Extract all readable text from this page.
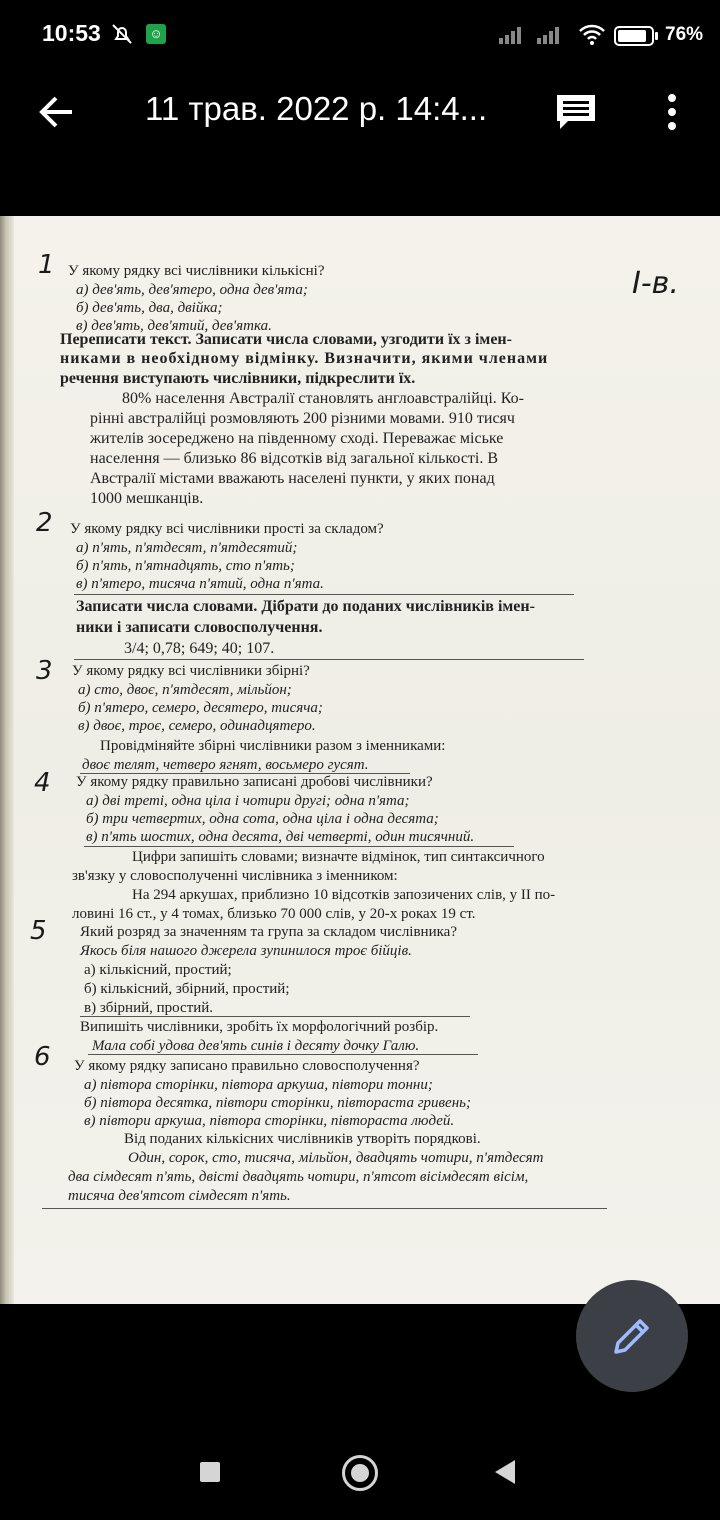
10:53	☺	76%
11 трав. 2022 р. 14:4...
I-в.
1 У якому рядку всі числівники кількісні?
а) дев'ять, дев'ятеро, одна дев'ята;
б) дев'ять, два, двійка;
в) дев'ять, дев'ятий, дев'ятка.
Переписати текст. Записати числа словами, узгодити їх з імен-
никами в необхідному відмінку. Визначити, якими членами
речення виступають числівники, підкреслити їх.
80% населення Австралії становлять англоавстралійці. Ко-
рінні австралійці розмовляють 200 різними мовами. 910 тисяч
жителів зосереджено на південному сході. Переважає міське
населення — близько 86 відсотків від загальної кількості. В
Австралії містами вважають населені пункти, у яких понад
1000 мешканців.
2 У якому рядку всі числівники прості за складом?
а) п'ять, п'ятдесят, п'ятдесятий;
б) п'ять, п'ятнадцять, сто п'ять;
в) п'ятеро, тисяча п'ятий, одна п'ята.
Записати числа словами. Дібрати до поданих числівників імен-
ники і записати словосполучення.
3/4; 0,78; 649; 40; 107.
3 У якому рядку всі числівники збірні?
а) сто, двоє, п'ятдесят, мільйон;
б) п'ятеро, семеро, десятеро, тисяча;
в) двоє, троє, семеро, одинадцятеро.
Провідміняйте збірні числівники разом з іменниками:
двоє телят, четверо ягнят, восьмеро гусят.
4 У якому рядку правильно записані дробові числівники?
а) дві треті, одна ціла і чотири другі; одна п'ята;
б) три четвертих, одна сота, одна ціла і одна десята;
в) п'ять шостих, одна десята, дві четверті, один тисячний.
Цифри запишіть словами; визначте відмінок, тип синтаксичного
зв'язку у словосполученні числівника з іменником:
На 294 аркушах, приблизно 10 відсотків запозичених слів, у II по-
ловині 16 ст., у 4 томах, близько 70 000 слів, у 20-х роках 19 ст.
5 Який розряд за значенням та група за складом числівника?
Якось біля нашого джерела зупинилося троє бійців.
а) кількісний, простий;
б) кількісний, збірний, простий;
в) збірний, простий.
Випишіть числівники, зробіть їх морфологічний розбір.
Мала собі удова дев'ять синів і десяту дочку Галю.
6 У якому рядку записано правильно словосполучення?
а) півтора сторінки, півтора аркуша, півтори тонни;
б) півтора десятка, півтори сторінки, півтораста гривень;
в) півтори аркуша, півтора сторінки, півтораста людей.
Від поданих кількісних числівників утворіть порядкові.
Один, сорок, сто, тисяча, мільйон, двадцять чотири, п'ятдесят
два сімдесят п'ять, двісті двадцять чотири, п'ятсот вісімдесят вісім,
тисяча дев'ятсот сімдесят п'ять.
